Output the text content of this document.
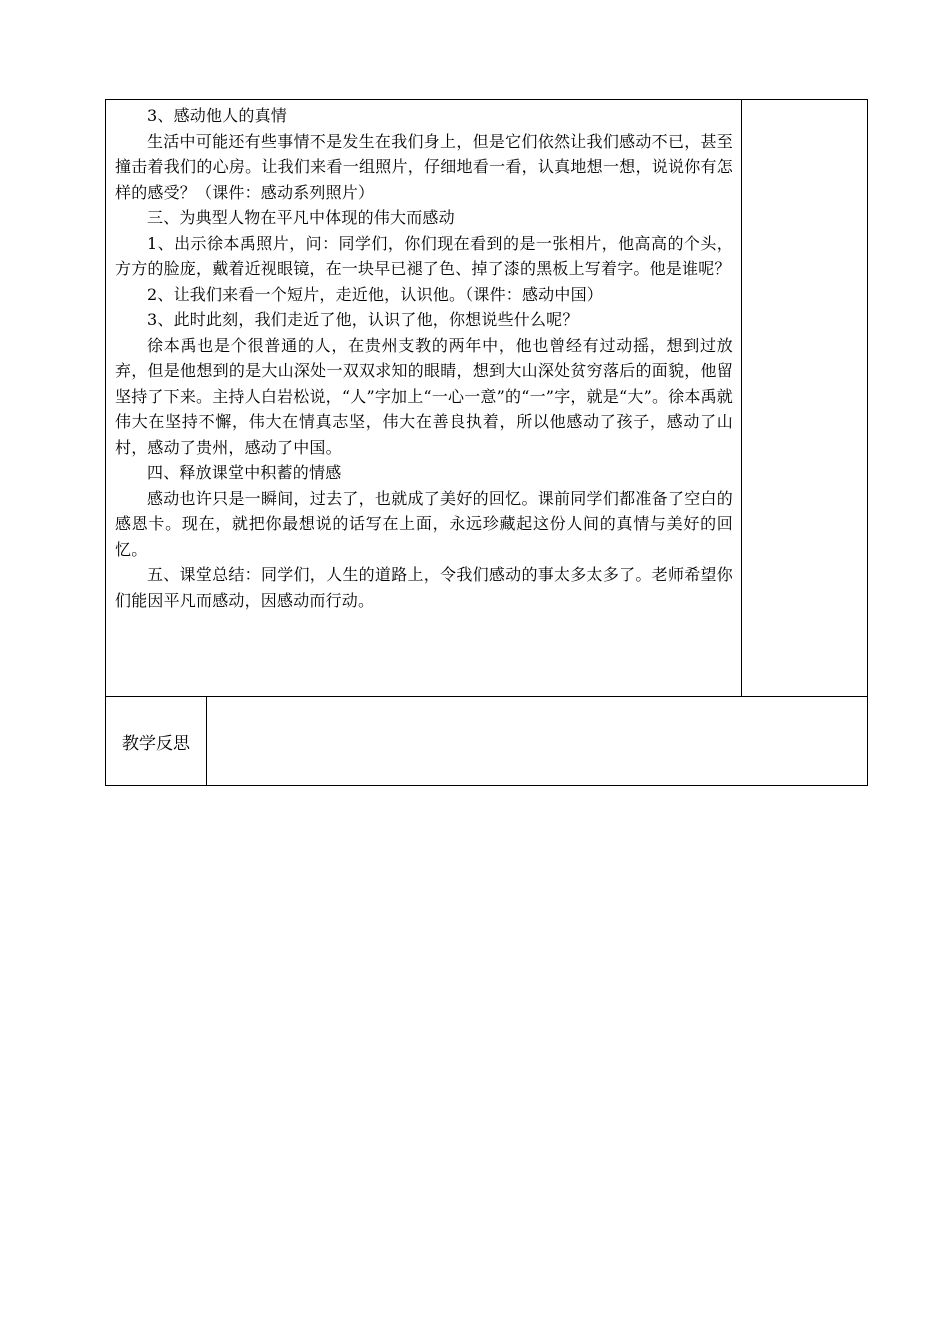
3、感动他人的真情

生活中可能还有些事情不是发生在我们身上，但是它们依然让我们感动不已，甚至撞击着我们的心房。让我们来看一组照片，仔细地看一看，认真地想一想，说说你有怎样的感受？（课件：感动系列照片）

三、为典型人物在平凡中体现的伟大而感动

1、出示徐本禹照片，问：同学们，你们现在看到的是一张相片，他高高的个头，方方的脸庞，戴着近视眼镜，在一块早已褪了色、掉了漆的黑板上写着字。他是谁呢？

2、让我们来看一个短片，走近他，认识他。（课件：感动中国）

3、此时此刻，我们走近了他，认识了他，你想说些什么呢？

徐本禹也是个很普通的人，在贵州支教的两年中，他也曾经有过动摇，想到过放弃，但是他想到的是大山深处一双双求知的眼睛，想到大山深处贫穷落后的面貌，他留坚持了下来。主持人白岩松说，“人”字加上“一心一意”的“一”字，就是“大”。徐本禹就伟大在坚持不懈，伟大在情真志坚，伟大在善良执着，所以他感动了孩子，感动了山村，感动了贵州，感动了中国。

四、释放课堂中积蓄的情感

感动也许只是一瞬间，过去了，也就成了美好的回忆。课前同学们都准备了空白的感恩卡。现在，就把你最想说的话写在上面，永远珍藏起这份人间的真情与美好的回忆。

五、课堂总结：同学们，人生的道路上，令我们感动的事太多太多了。老师希望你们能因平凡而感动，因感动而行动。

教学反思
